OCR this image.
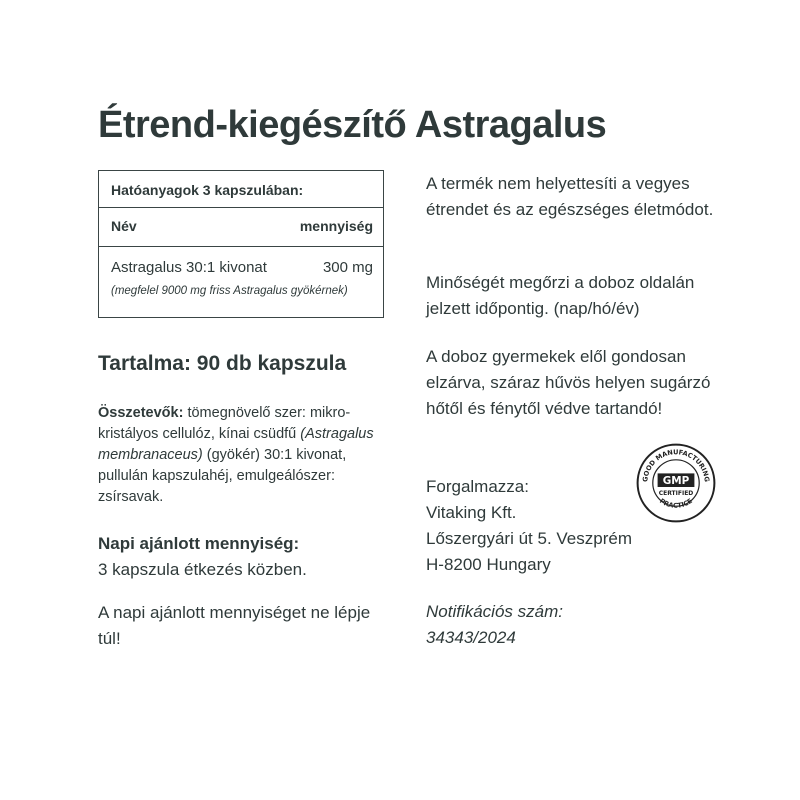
Étrend-kiegészítő Astragalus
Hatóanyagok 3 kapszulában:
Név	mennyiség
Astragalus 30:1 kivonat	300 mg
(megfelel 9000 mg friss Astragalus gyökérnek)
Tartalma: 90 db kapszula
Összetevők: tömegnövelő szer: mikro-kristályos cellulóz, kínai csüdfű (Astragalus membranaceus) (gyökér) 30:1 kivonat, pullulán kapszulahéj, emulgeálószer: zsírsavak.
Napi ajánlott mennyiség:
3 kapszula étkezés közben.
A napi ajánlott mennyiséget ne lépje túl!
A termék nem helyettesíti a vegyes étrendet és az egészséges életmódot.
Minőségét megőrzi a doboz oldalán jelzett időpontig. (nap/hó/év)
A doboz gyermekek elől gondosan elzárva, száraz hűvös helyen sugárzó hőtől és fénytől védve tartandó!
Forgalmazza:
Vitaking Kft.
Lőszergyári út 5. Veszprém
H-8200 Hungary
Notifikációs szám:
34343/2024
GOOD MANUFACTURING
PRACTICE
GMP
CERTIFIED
